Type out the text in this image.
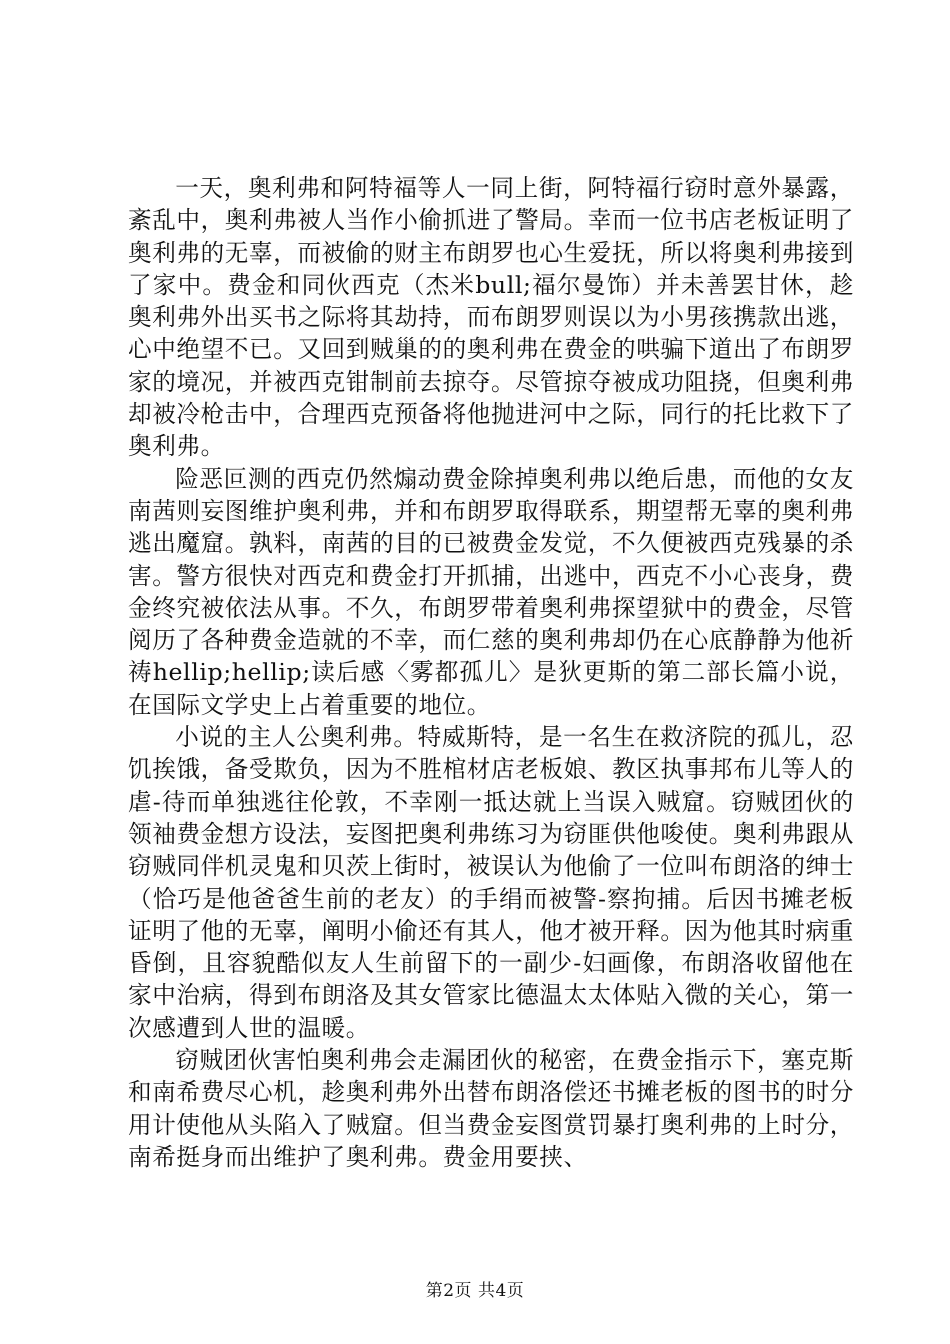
一天，奥利弗和阿特福等人一同上街，阿特福行窃时意外暴露，紊乱中，奥利弗被人当作小偷抓进了警局。幸而一位书店老板证明了奥利弗的无辜，而被偷的财主布朗罗也心生爱抚，所以将奥利弗接到了家中。费金和同伙西克（杰米bull;福尔曼饰）并未善罢甘休，趁奥利弗外出买书之际将其劫持，而布朗罗则误以为小男孩携款出逃，心中绝望不已。又回到贼巢的的奥利弗在费金的哄骗下道出了布朗罗家的境况，并被西克钳制前去掠夺。尽管掠夺被成功阻挠，但奥利弗却被冷枪击中，合理西克预备将他抛进河中之际，同行的托比救下了奥利弗。

险恶叵测的西克仍然煽动费金除掉奥利弗以绝后患，而他的女友南茜则妄图维护奥利弗，并和布朗罗取得联系，期望帮无辜的奥利弗逃出魔窟。孰料，南茜的目的已被费金发觉，不久便被西克残暴的杀害。警方很快对西克和费金打开抓捕，出逃中，西克不小心丧身，费金终究被依法从事。不久，布朗罗带着奥利弗探望狱中的费金，尽管阅历了各种费金造就的不幸，而仁慈的奥利弗却仍在心底静静为他祈祷hellip;hellip;读后感〈雾都孤儿〉是狄更斯的第二部长篇小说，在国际文学史上占着重要的地位。

小说的主人公奥利弗。特威斯特，是一名生在救济院的孤儿，忍饥挨饿，备受欺负，因为不胜棺材店老板娘、教区执事邦布儿等人的虐-待而单独逃往伦敦，不幸刚一抵达就上当误入贼窟。窃贼团伙的领袖费金想方设法，妄图把奥利弗练习为窃匪供他唆使。奥利弗跟从窃贼同伴机灵鬼和贝茨上街时，被误认为他偷了一位叫布朗洛的绅士（恰巧是他爸爸生前的老友）的手绢而被警-察拘捕。后因书摊老板证明了他的无辜，阐明小偷还有其人，他才被开释。因为他其时病重昏倒，且容貌酷似友人生前留下的一副少-妇画像，布朗洛收留他在家中治病，得到布朗洛及其女管家比德温太太体贴入微的关心，第一次感遭到人世的温暖。

窃贼团伙害怕奥利弗会走漏团伙的秘密，在费金指示下，塞克斯和南希费尽心机，趁奥利弗外出替布朗洛偿还书摊老板的图书的时分用计使他从头陷入了贼窟。但当费金妄图赏罚暴打奥利弗的上时分，南希挺身而出维护了奥利弗。费金用要挟、

第2页 共4页
